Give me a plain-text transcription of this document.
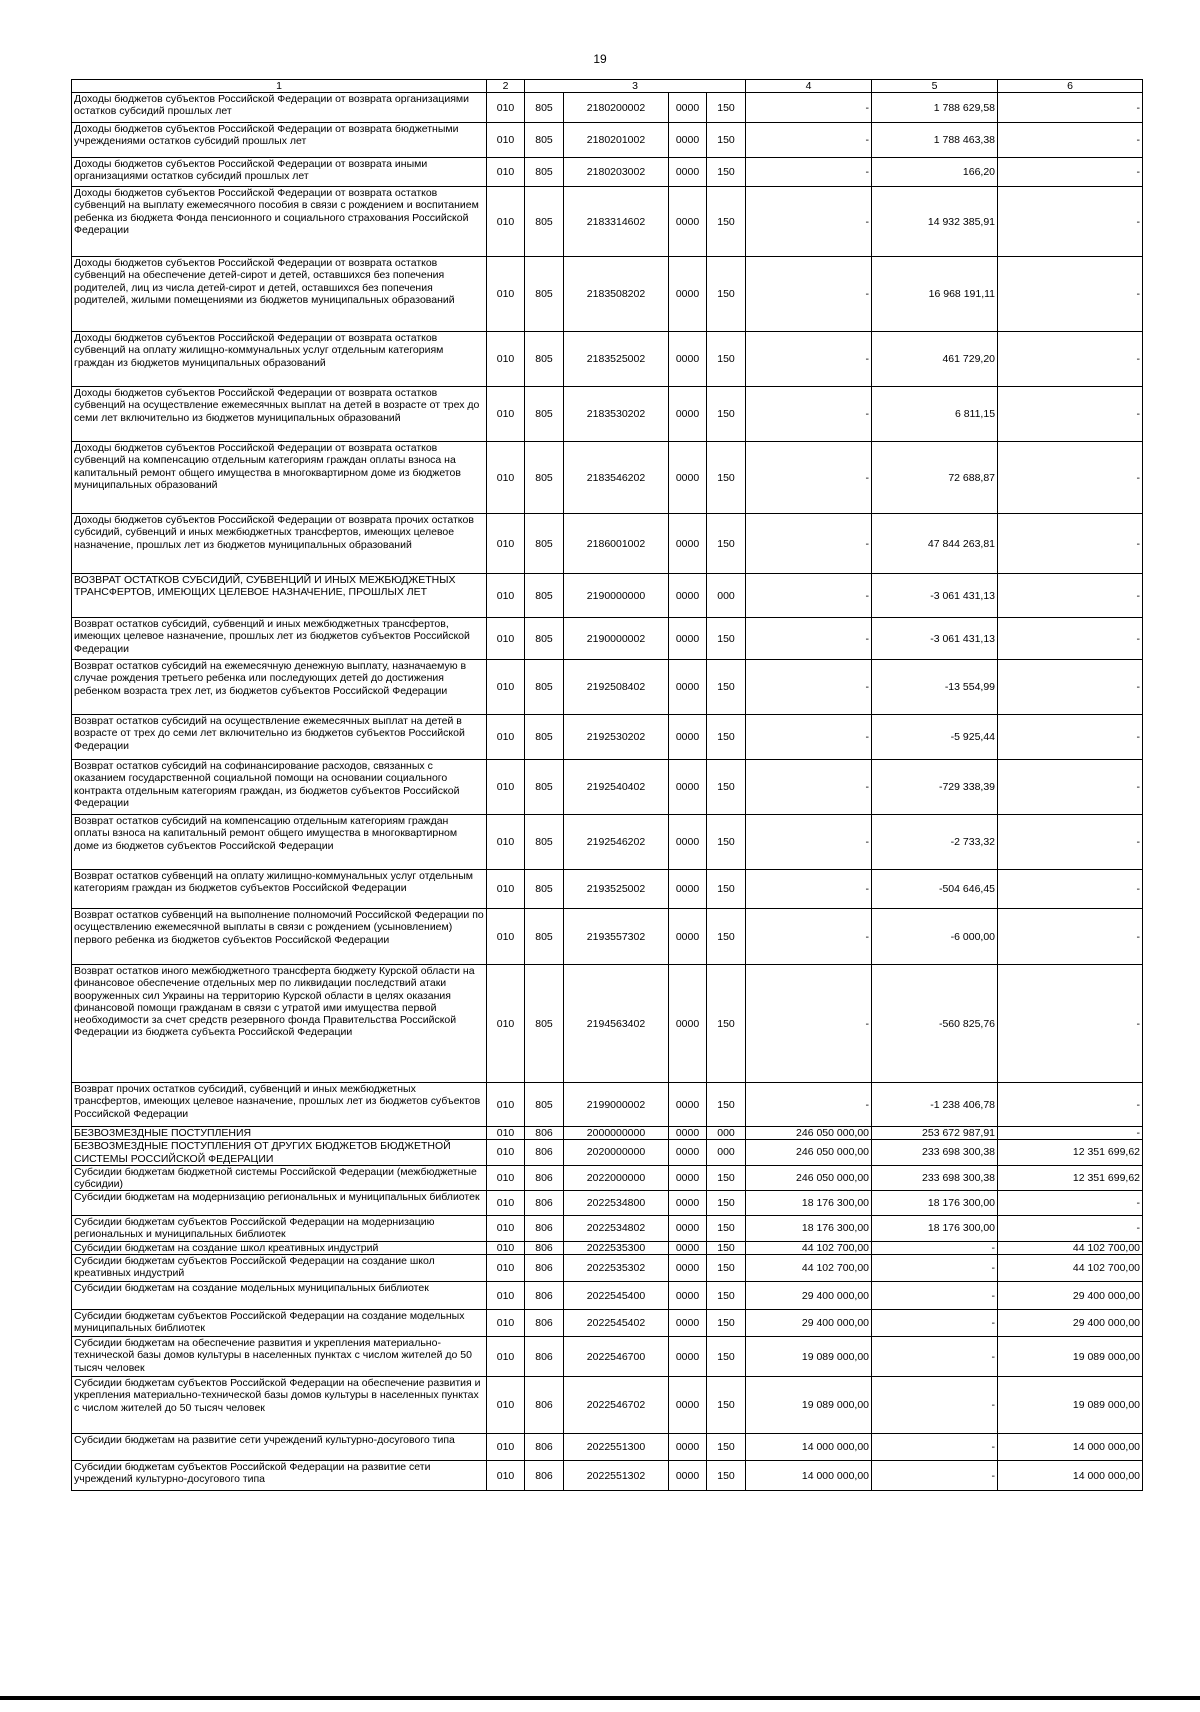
19
1	2	3				4	5	6
Доходы бюджетов субъектов Российской Федерации от возврата организациями остатков субсидий прошлых лет	010	805	2180200002	0000	150	-	1 788 629,58	-
Доходы бюджетов субъектов Российской Федерации от возврата бюджетными учреждениями остатков субсидий прошлых лет	010	805	2180201002	0000	150	-	1 788 463,38	-
Доходы бюджетов субъектов Российской Федерации от возврата иными организациями остатков субсидий прошлых лет	010	805	2180203002	0000	150	-	166,20	-
Доходы бюджетов субъектов Российской Федерации от возврата остатков субвенций на выплату ежемесячного пособия в связи с рождением и воспитанием ребенка из бюджета Фонда пенсионного и социального страхования Российской Федерации	010	805	2183314602	0000	150	-	14 932 385,91	-
Доходы бюджетов субъектов Российской Федерации от возврата остатков субвенций на обеспечение детей-сирот и детей, оставшихся без попечения родителей, лиц из числа детей-сирот и детей, оставшихся без попечения родителей, жилыми помещениями из бюджетов муниципальных образований	010	805	2183508202	0000	150	-	16 968 191,11	-
Доходы бюджетов субъектов Российской Федерации от возврата остатков субвенций на оплату жилищно-коммунальных услуг отдельным категориям граждан из бюджетов муниципальных образований	010	805	2183525002	0000	150	-	461 729,20	-
Доходы бюджетов субъектов Российской Федерации от возврата остатков субвенций на осуществление ежемесячных выплат на детей в возрасте от трех до семи лет включительно из бюджетов муниципальных образований	010	805	2183530202	0000	150	-	6 811,15	-
Доходы бюджетов субъектов Российской Федерации от возврата остатков субвенций на компенсацию отдельным категориям граждан оплаты взноса на капитальный ремонт общего имущества в многоквартирном доме из бюджетов муниципальных образований	010	805	2183546202	0000	150	-	72 688,87	-
Доходы бюджетов субъектов Российской Федерации от возврата прочих остатков субсидий, субвенций и иных межбюджетных трансфертов, имеющих целевое назначение, прошлых лет из бюджетов муниципальных образований	010	805	2186001002	0000	150	-	47 844 263,81	-
ВОЗВРАТ ОСТАТКОВ СУБСИДИЙ, СУБВЕНЦИЙ И ИНЫХ МЕЖБЮДЖЕТНЫХ ТРАНСФЕРТОВ, ИМЕЮЩИХ ЦЕЛЕВОЕ НАЗНАЧЕНИЕ, ПРОШЛЫХ ЛЕТ	010	805	2190000000	0000	000	-	-3 061 431,13	-
Возврат остатков субсидий, субвенций и иных межбюджетных трансфертов, имеющих целевое назначение, прошлых лет из бюджетов субъектов Российской Федерации	010	805	2190000002	0000	150	-	-3 061 431,13	-
Возврат остатков субсидий на ежемесячную денежную выплату, назначаемую в случае рождения третьего ребенка или последующих детей до достижения ребенком возраста трех лет, из бюджетов субъектов Российской Федерации	010	805	2192508402	0000	150	-	-13 554,99	-
Возврат остатков субсидий на осуществление ежемесячных выплат на детей в возрасте от трех до семи лет включительно из бюджетов субъектов Российской Федерации	010	805	2192530202	0000	150	-	-5 925,44	-
Возврат остатков субсидий на софинансирование расходов, связанных с оказанием государственной социальной помощи на основании социального контракта отдельным категориям граждан, из бюджетов субъектов Российской Федерации	010	805	2192540402	0000	150	-	-729 338,39	-
Возврат остатков субсидий на компенсацию отдельным категориям граждан оплаты взноса на капитальный ремонт общего имущества в многоквартирном доме из бюджетов субъектов Российской Федерации	010	805	2192546202	0000	150	-	-2 733,32	-
Возврат остатков субвенций на оплату жилищно-коммунальных услуг отдельным категориям граждан из бюджетов субъектов Российской Федерации	010	805	2193525002	0000	150	-	-504 646,45	-
Возврат остатков субвенций на выполнение полномочий Российской Федерации по осуществлению ежемесячной выплаты в связи с рождением (усыновлением) первого ребенка из бюджетов субъектов Российской Федерации	010	805	2193557302	0000	150	-	-6 000,00	-
Возврат остатков иного межбюджетного трансферта бюджету Курской области на финансовое обеспечение отдельных мер по ликвидации последствий атаки вооруженных сил Украины на территорию Курской области в целях оказания финансовой помощи гражданам в связи с утратой ими имущества первой необходимости за счет средств резервного фонда Правительства Российской Федерации из бюджета субъекта Российской Федерации	010	805	2194563402	0000	150	-	-560 825,76	-
Возврат прочих остатков субсидий, субвенций и иных межбюджетных трансфертов, имеющих целевое назначение, прошлых лет из бюджетов субъектов Российской Федерации	010	805	2199000002	0000	150	-	-1 238 406,78	-
БЕЗВОЗМЕЗДНЫЕ ПОСТУПЛЕНИЯ	010	806	2000000000	0000	000	246 050 000,00	253 672 987,91	-
БЕЗВОЗМЕЗДНЫЕ ПОСТУПЛЕНИЯ ОТ ДРУГИХ БЮДЖЕТОВ БЮДЖЕТНОЙ СИСТЕМЫ РОССИЙСКОЙ ФЕДЕРАЦИИ	010	806	2020000000	0000	000	246 050 000,00	233 698 300,38	12 351 699,62
Субсидии бюджетам бюджетной системы Российской Федерации (межбюджетные субсидии)	010	806	2022000000	0000	150	246 050 000,00	233 698 300,38	12 351 699,62
Субсидии бюджетам на модернизацию региональных и муниципальных библиотек	010	806	2022534800	0000	150	18 176 300,00	18 176 300,00	-
Субсидии бюджетам субъектов Российской Федерации на модернизацию региональных и муниципальных библиотек	010	806	2022534802	0000	150	18 176 300,00	18 176 300,00	-
Субсидии бюджетам на создание школ креативных индустрий	010	806	2022535300	0000	150	44 102 700,00	-	44 102 700,00
Субсидии бюджетам субъектов Российской Федерации на создание школ креативных индустрий	010	806	2022535302	0000	150	44 102 700,00	-	44 102 700,00
Субсидии бюджетам на создание модельных муниципальных библиотек	010	806	2022545400	0000	150	29 400 000,00	-	29 400 000,00
Субсидии бюджетам субъектов Российской Федерации на создание модельных муниципальных библиотек	010	806	2022545402	0000	150	29 400 000,00	-	29 400 000,00
Субсидии бюджетам на обеспечение развития и укрепления материально-технической базы домов культуры в населенных пунктах с числом жителей до 50 тысяч человек	010	806	2022546700	0000	150	19 089 000,00	-	19 089 000,00
Субсидии бюджетам субъектов Российской Федерации на обеспечение развития и укрепления материально-технической базы домов культуры в населенных пунктах с числом жителей до 50 тысяч человек	010	806	2022546702	0000	150	19 089 000,00	-	19 089 000,00
Субсидии бюджетам на развитие сети учреждений культурно-досугового типа	010	806	2022551300	0000	150	14 000 000,00	-	14 000 000,00
Субсидии бюджетам субъектов Российской Федерации на развитие сети учреждений культурно-досугового типа	010	806	2022551302	0000	150	14 000 000,00	-	14 000 000,00
